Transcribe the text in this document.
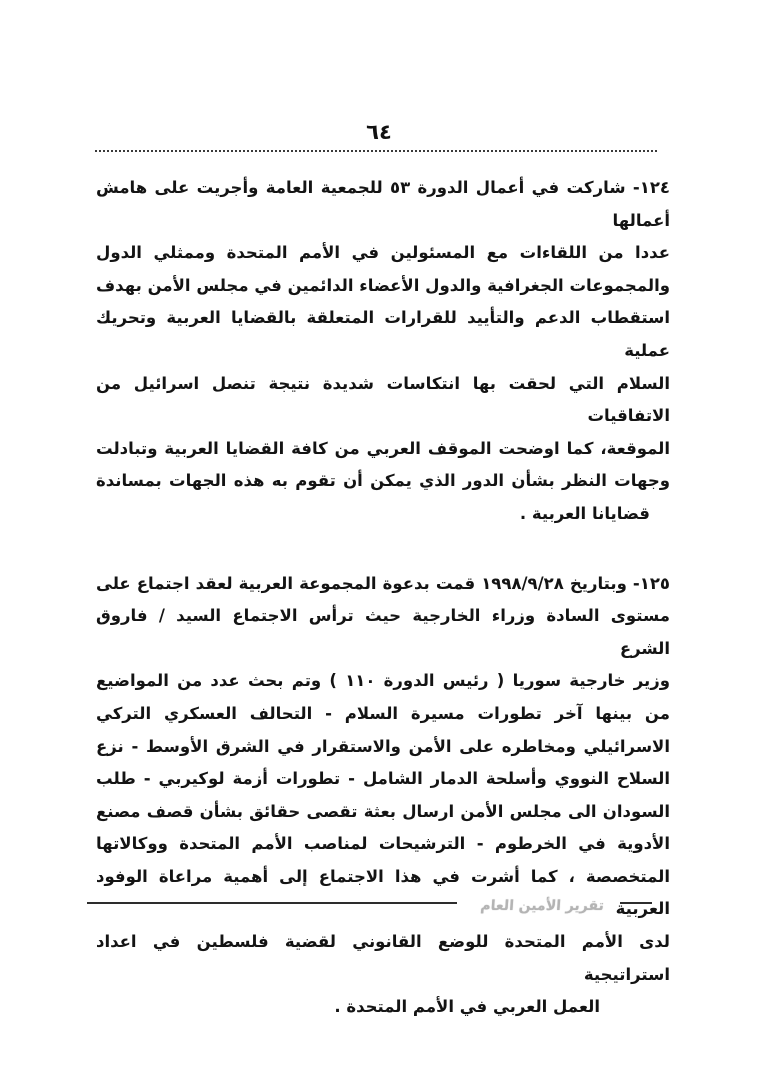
٦٤
١٢٤- شاركت في أعمال الدورة ٥٣ للجمعية العامة وأجريت على هامش أعمالها
عددا من اللقاءات مع المسئولين في الأمم المتحدة وممثلي الدول
والمجموعات الجغرافية والدول الأعضاء الدائمين في مجلس الأمن بهدف
استقطاب الدعم والتأييد للقرارات المتعلقة بالقضايا العربية وتحريك عملية
السلام التي لحقت بها انتكاسات شديدة نتيجة تنصل اسرائيل من الاتفاقيات
الموقعة، كما اوضحت الموقف العربي من كافة القضايا العربية وتبادلت
وجهات النظر بشأن الدور الذي يمكن أن تقوم به هذه الجهات بمساندة
قضايانا العربية .
١٢٥- وبتاريخ ١٩٩٨/٩/٢٨ قمت بدعوة المجموعة العربية لعقد اجتماع على
مستوى السادة وزراء الخارجية حيث ترأس الاجتماع السيد / فاروق الشرع
وزير خارجية سوريا ( رئيس الدورة ١١٠ ) وتم بحث عدد من المواضيع
من بينها آخر تطورات مسيرة السلام - التحالف العسكري التركي
الاسرائيلي ومخاطره على الأمن والاستقرار في الشرق الأوسط - نزع
السلاح النووي وأسلحة الدمار الشامل - تطورات أزمة لوكيربي - طلب
السودان الى مجلس الأمن ارسال بعثة تقصى حقائق بشأن قصف مصنع
الأدوية في الخرطوم - الترشيحات لمناصب الأمم المتحدة ووكالاتها
المتخصصة ، كما أشرت في هذا الاجتماع إلى أهمية مراعاة الوفود العربية
لدى الأمم المتحدة للوضع القانوني لقضية فلسطين في اعداد استراتيجية
العمل العربي في الأمم المتحدة .
تقرير الأمين العام
